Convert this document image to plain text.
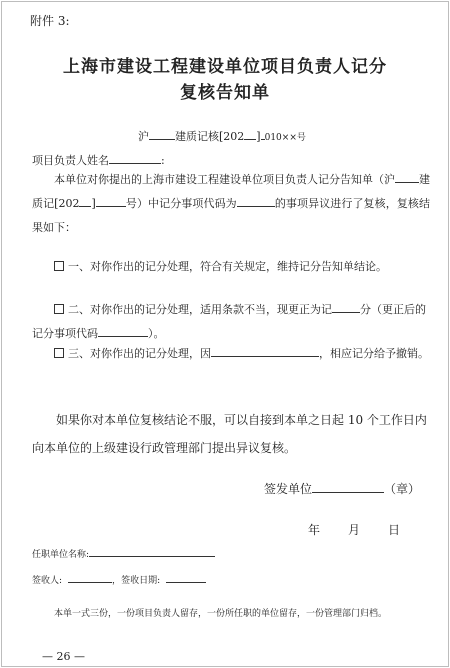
附件 3:
上海市建设工程建设单位项目负责人记分
复核告知单
沪 建质记核[202 ] 010××号
项目负责人姓名	:
本单位对你提出的上海市建设工程建设单位项目负责人记分告知单（沪 建质记[202 ]	号）中记分事项代码为	的事项异议进行了复核，复核结果如下：
一、对你作出的记分处理，符合有关规定，维持记分告知单结论。
二、对你作出的记分处理，适用条款不当，现更正为记	分（更正后的记分事项代码	）。
三、对你作出的记分处理，因	，相应记分给予撤销。
如果你对本单位复核结论不服，可以自接到本单之日起 10 个工作日内向本单位的上级建设行政管理部门提出异议复核。
签发单位	（章）
年 月 日
任职单位名称:
签收人:	，签收日期:
本单一式三份，一份项目负责人留存，一份所任职的单位留存，一份管理部门归档。
— 26 —
